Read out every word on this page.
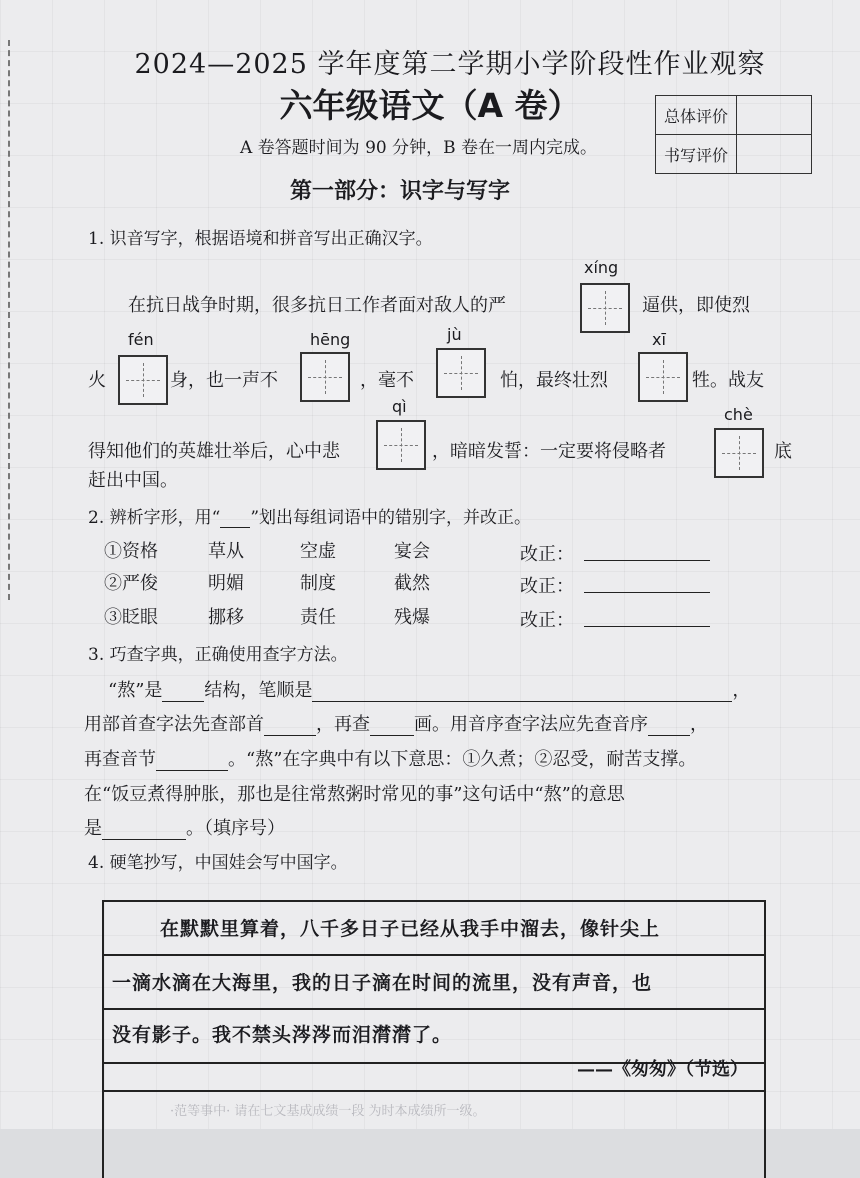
2024—2025 学年度第二学期小学阶段性作业观察
六年级语文（A 卷）
A 卷答题时间为 90 分钟，B 卷在一周内完成。
总体评价	
书写评价	
第一部分：识字与写字
1. 识音写字，根据语境和拼音写出正确汉字。
xíng
在抗日战争时期，很多抗日工作者面对敌人的严	逼供，即使烈
fén	hēng	jù	xī
火	身，也一声不	，毫不	怕，最终壮烈	牲。战友
qì	chè
得知他们的英雄壮举后，心中悲	，暗暗发誓：一定要将侵略者	底
赶出中国。
2. 辨析字形，用“ ”划出每组词语中的错别字，并改正。
①资格	草从	空虚	宴会	改正：
②严俊	明媚	制度	截然	改正：
③眨眼	挪移	责任	残爆	改正：
3. 巧查字典，正确使用查字方法。
“熬”是 结构，笔顺是	，
用部首查字法先查部首	，再查 画。用音序查字法应先查音序 ，
再查音节	。“熬”在字典中有以下意思：①久煮；②忍受，耐苦支撑。
在“饭豆煮得肿胀，那也是往常熬粥时常见的事”这句话中“熬”的意思
是	。（填序号）
4. 硬笔抄写，中国娃会写中国字。
在默默里算着，八千多日子已经从我手中溜去，像针尖上
一滴水滴在大海里，我的日子滴在时间的流里，没有声音，也
没有影子。我不禁头涔涔而泪潸潸了。
——《匆匆》（节选）
·范等事中· 请在七文基成成绩一段 为时本成绩所一级。
